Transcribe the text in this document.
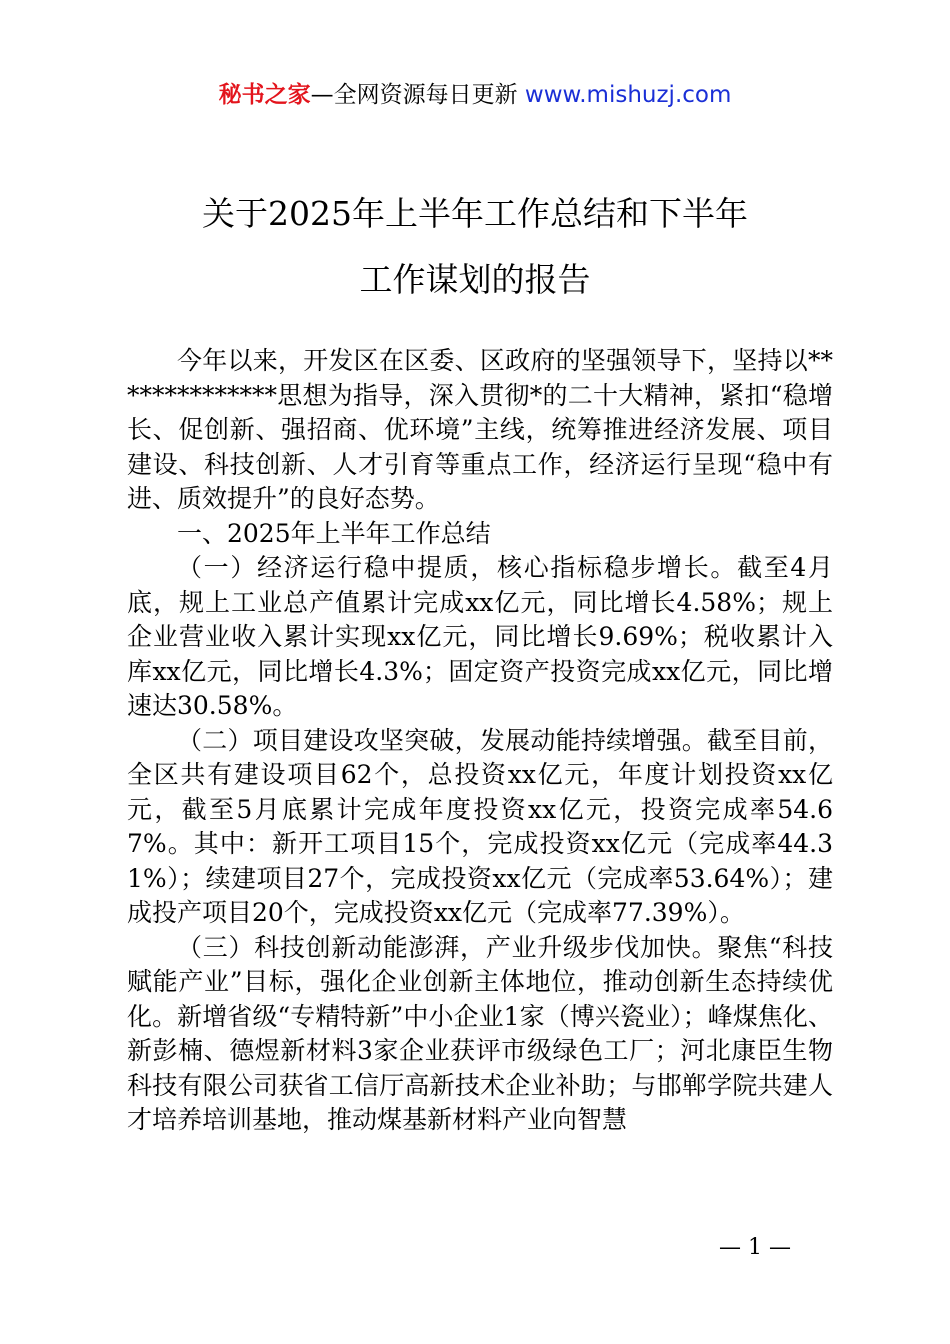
秘书之家—全网资源每日更新 www.mishuzj.com
关于2025年上半年工作总结和下半年
工作谋划的报告

今年以来，开发区在区委、区政府的坚强领导下，坚持以**************思想为指导，深入贯彻*的二十大精神，紧扣“稳增长、促创新、强招商、优环境”主线，统筹推进经济发展、项目建设、科技创新、人才引育等重点工作，经济运行呈现“稳中有进、质效提升”的良好态势。

一、2025年上半年工作总结

（一）经济运行稳中提质，核心指标稳步增长。截至4月底，规上工业总产值累计完成xx亿元，同比增长4.58%；规上企业营业收入累计实现xx亿元，同比增长9.69%；税收累计入库xx亿元，同比增长4.3%；固定资产投资完成xx亿元，同比增速达30.58%。

（二）项目建设攻坚突破，发展动能持续增强。截至目前，全区共有建设项目62个，总投资xx亿元，年度计划投资xx亿元，截至5月底累计完成年度投资xx亿元，投资完成率54.67%。其中：新开工项目15个，完成投资xx亿元（完成率44.31%）；续建项目27个，完成投资xx亿元（完成率53.64%）；建成投产项目20个，完成投资xx亿元（完成率77.39%）。

（三）科技创新动能澎湃，产业升级步伐加快。聚焦“科技赋能产业”目标，强化企业创新主体地位，推动创新生态持续优化。新增省级“专精特新”中小企业1家（博兴瓷业）；峰煤焦化、新彭楠、德煜新材料3家企业获评市级绿色工厂；河北康臣生物科技有限公司获省工信厅高新技术企业补助；与邯郸学院共建人才培养培训基地，推动煤基新材料产业向智慧

— 1 —
